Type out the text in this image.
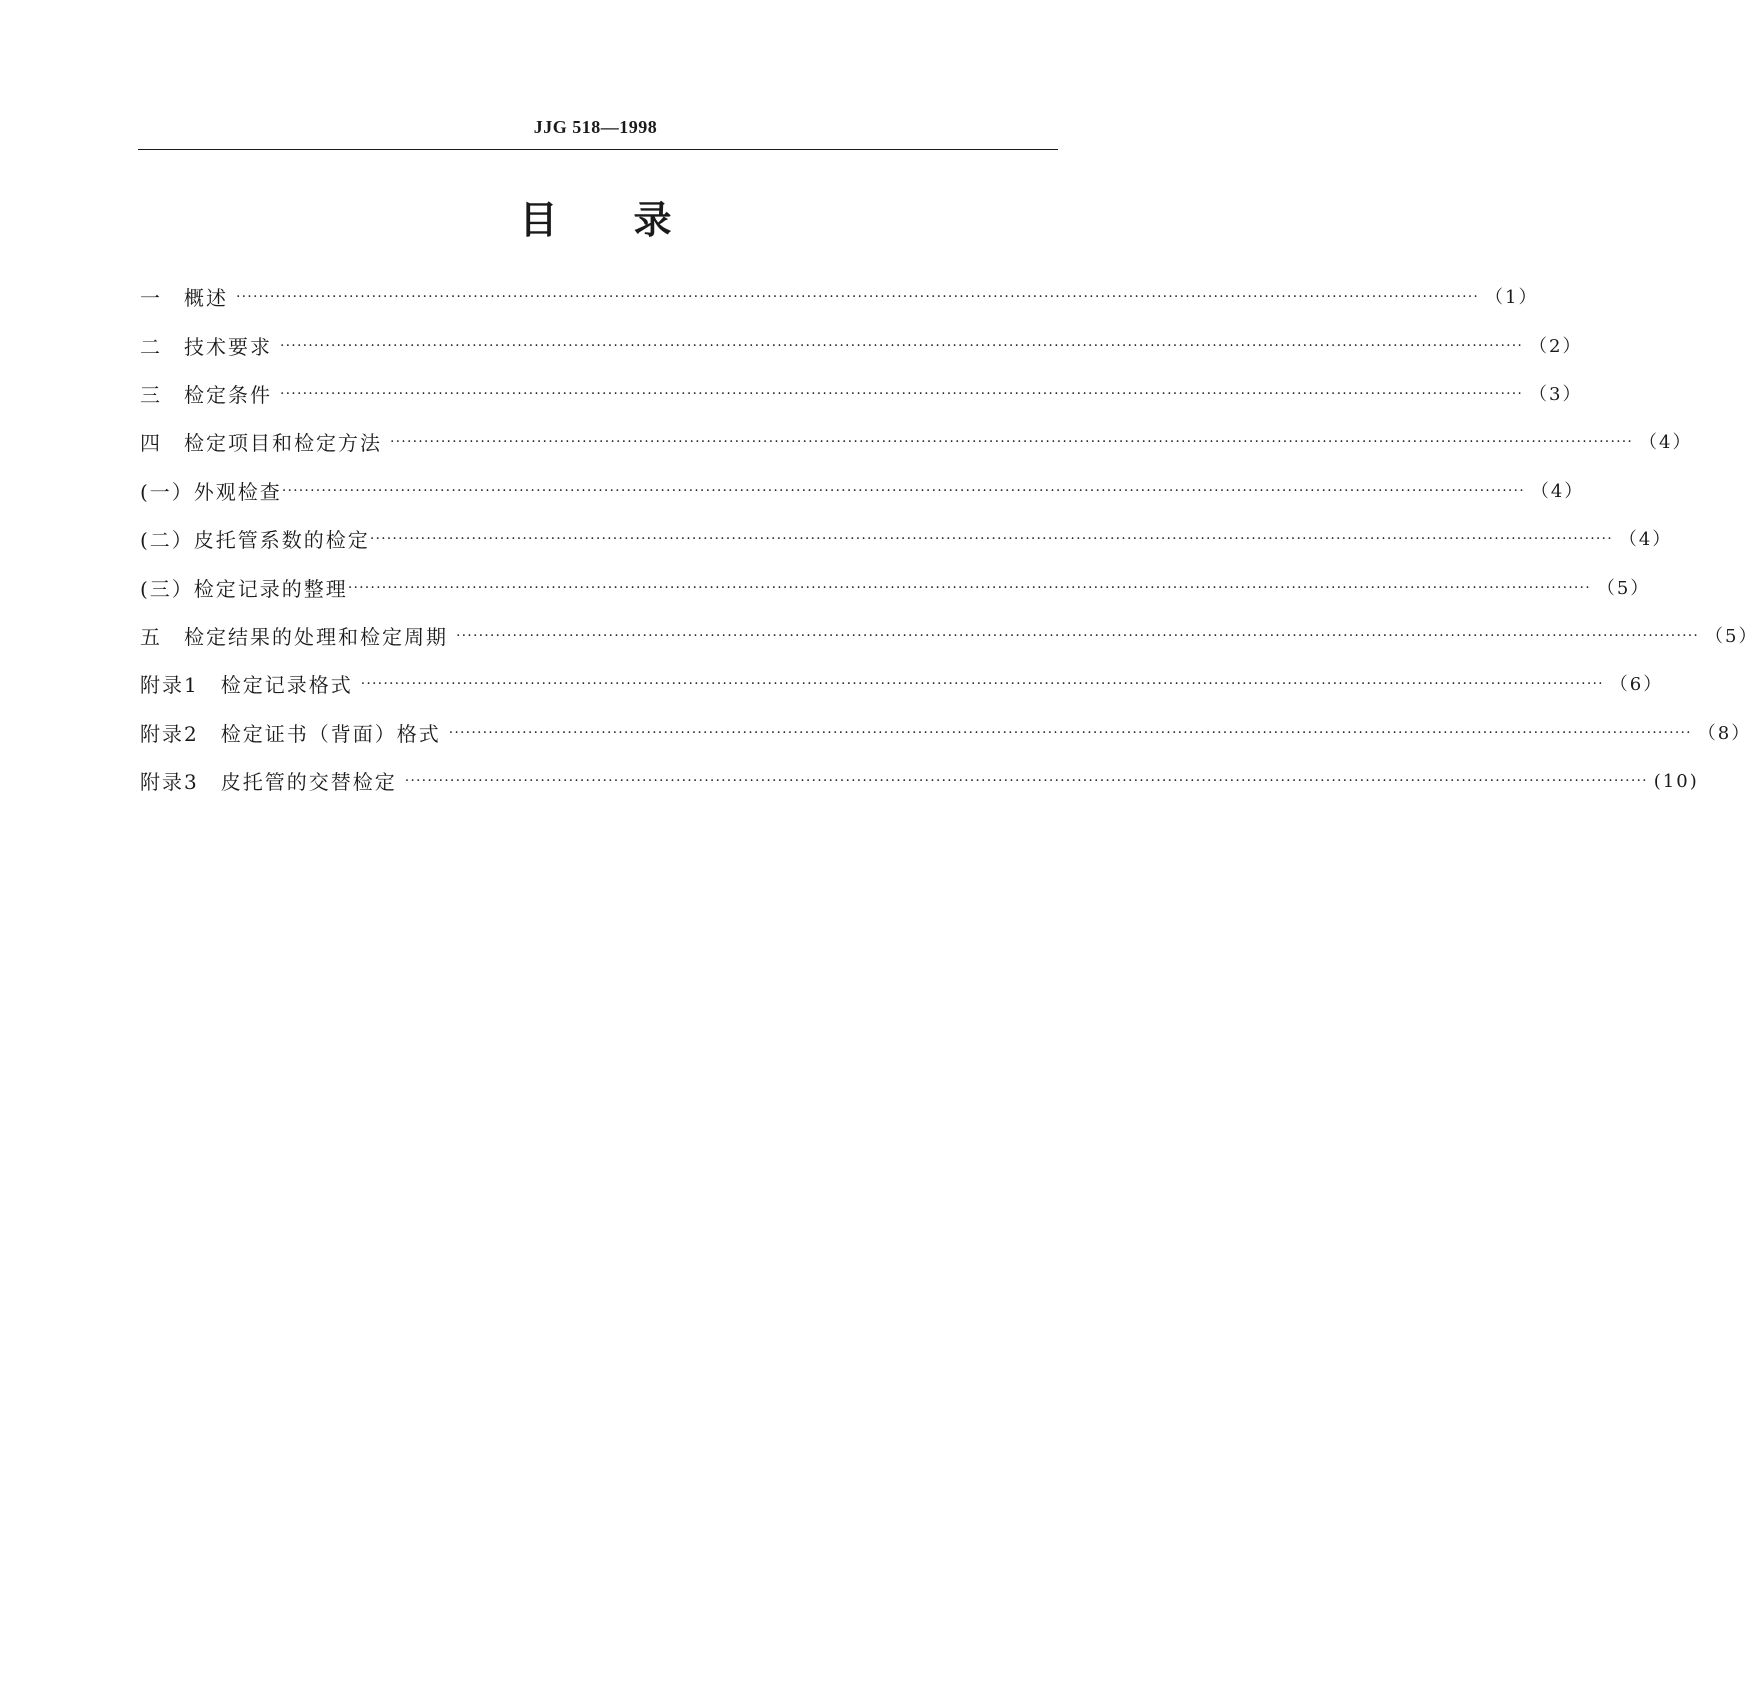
JJG 518—1998
目录
一　概述 ............................................................................................................................................................................................................................ （1）
二　技术要求 ............................................................................................................................................................................................................................ （2）
三　检定条件 ............................................................................................................................................................................................................................ （3）
四　检定项目和检定方法 ............................................................................................................................................................................................................................ （4）
(一）外观检查 ............................................................................................................................................................................................................................ （4）
(二）皮托管系数的检定 ............................................................................................................................................................................................................................ （4）
(三）检定记录的整理 ............................................................................................................................................................................................................................ （5）
五　检定结果的处理和检定周期 ............................................................................................................................................................................................................................ （5）
附录1　检定记录格式 ............................................................................................................................................................................................................................ （6）
附录2　检定证书（背面）格式 ............................................................................................................................................................................................................................ （8）
附录3　皮托管的交替检定 ............................................................................................................................................................................................................................ (10)
